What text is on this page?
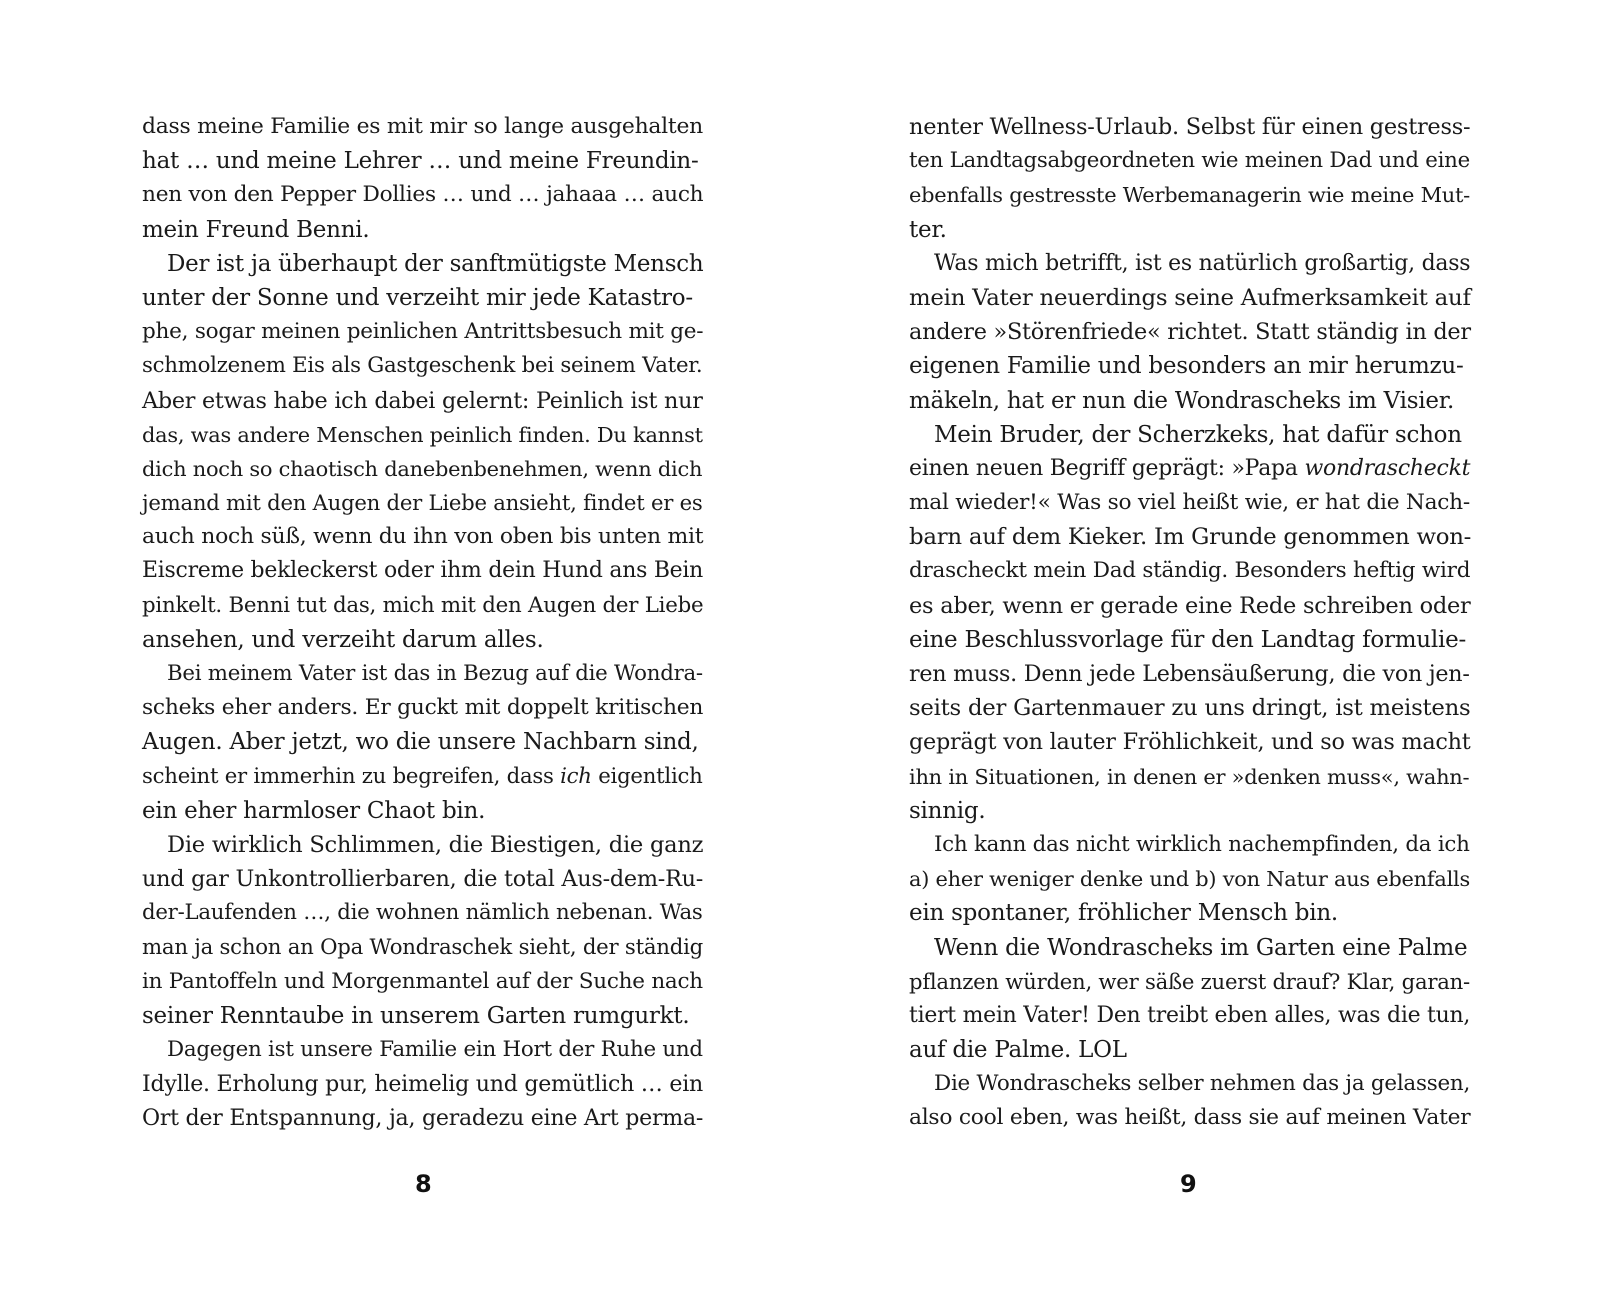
dass meine Familie es mit mir so lange ausgehalten
hat … und meine Lehrer … und meine Freundin-
nen von den Pepper Dollies … und … jahaaa … auch
mein Freund Benni.
Der ist ja überhaupt der sanftmütigste Mensch
unter der Sonne und verzeiht mir jede Katastro-
phe, sogar meinen peinlichen Antrittsbesuch mit ge-
schmolzenem Eis als Gastgeschenk bei seinem Vater.
Aber etwas habe ich dabei gelernt: Peinlich ist nur
das, was andere Menschen peinlich finden. Du kannst
dich noch so chaotisch danebenbenehmen, wenn dich
jemand mit den Augen der Liebe ansieht, findet er es
auch noch süß, wenn du ihn von oben bis unten mit
Eiscreme bekleckerst oder ihm dein Hund ans Bein
pinkelt. Benni tut das, mich mit den Augen der Liebe
ansehen, und verzeiht darum alles.
Bei meinem Vater ist das in Bezug auf die Wondra-
scheks eher anders. Er guckt mit doppelt kritischen
Augen. Aber jetzt, wo die unsere Nachbarn sind,
scheint er immerhin zu begreifen, dass ich eigentlich
ein eher harmloser Chaot bin.
Die wirklich Schlimmen, die Biestigen, die ganz
und gar Unkontrollierbaren, die total Aus-dem-Ru-
der-Laufenden …, die wohnen nämlich nebenan. Was
man ja schon an Opa Wondraschek sieht, der ständig
in Pantoffeln und Morgenmantel auf der Suche nach
seiner Renntaube in unserem Garten rumgurkt.
Dagegen ist unsere Familie ein Hort der Ruhe und
Idylle. Erholung pur, heimelig und gemütlich … ein
Ort der Entspannung, ja, geradezu eine Art perma-
nenter Wellness-Urlaub. Selbst für einen gestress-
ten Landtagsabgeordneten wie meinen Dad und eine
ebenfalls gestresste Werbemanagerin wie meine Mut-
ter.
Was mich betrifft, ist es natürlich großartig, dass
mein Vater neuerdings seine Aufmerksamkeit auf
andere »Störenfriede« richtet. Statt ständig in der
eigenen Familie und besonders an mir herumzu-
mäkeln, hat er nun die Wondrascheks im Visier.
Mein Bruder, der Scherzkeks, hat dafür schon
einen neuen Begriff geprägt: »Papa wondrascheckt
mal wieder!« Was so viel heißt wie, er hat die Nach-
barn auf dem Kieker. Im Grunde genommen won-
drascheckt mein Dad ständig. Besonders heftig wird
es aber, wenn er gerade eine Rede schreiben oder
eine Beschlussvorlage für den Landtag formulie-
ren muss. Denn jede Lebensäußerung, die von jen-
seits der Gartenmauer zu uns dringt, ist meistens
geprägt von lauter Fröhlichkeit, und so was macht
ihn in Situationen, in denen er »denken muss«, wahn-
sinnig.
Ich kann das nicht wirklich nachempfinden, da ich
a) eher weniger denke und b) von Natur aus ebenfalls
ein spontaner, fröhlicher Mensch bin.
Wenn die Wondrascheks im Garten eine Palme
pflanzen würden, wer säße zuerst drauf? Klar, garan-
tiert mein Vater! Den treibt eben alles, was die tun,
auf die Palme. LOL
Die Wondrascheks selber nehmen das ja gelassen,
also cool eben, was heißt, dass sie auf meinen Vater
8	9
